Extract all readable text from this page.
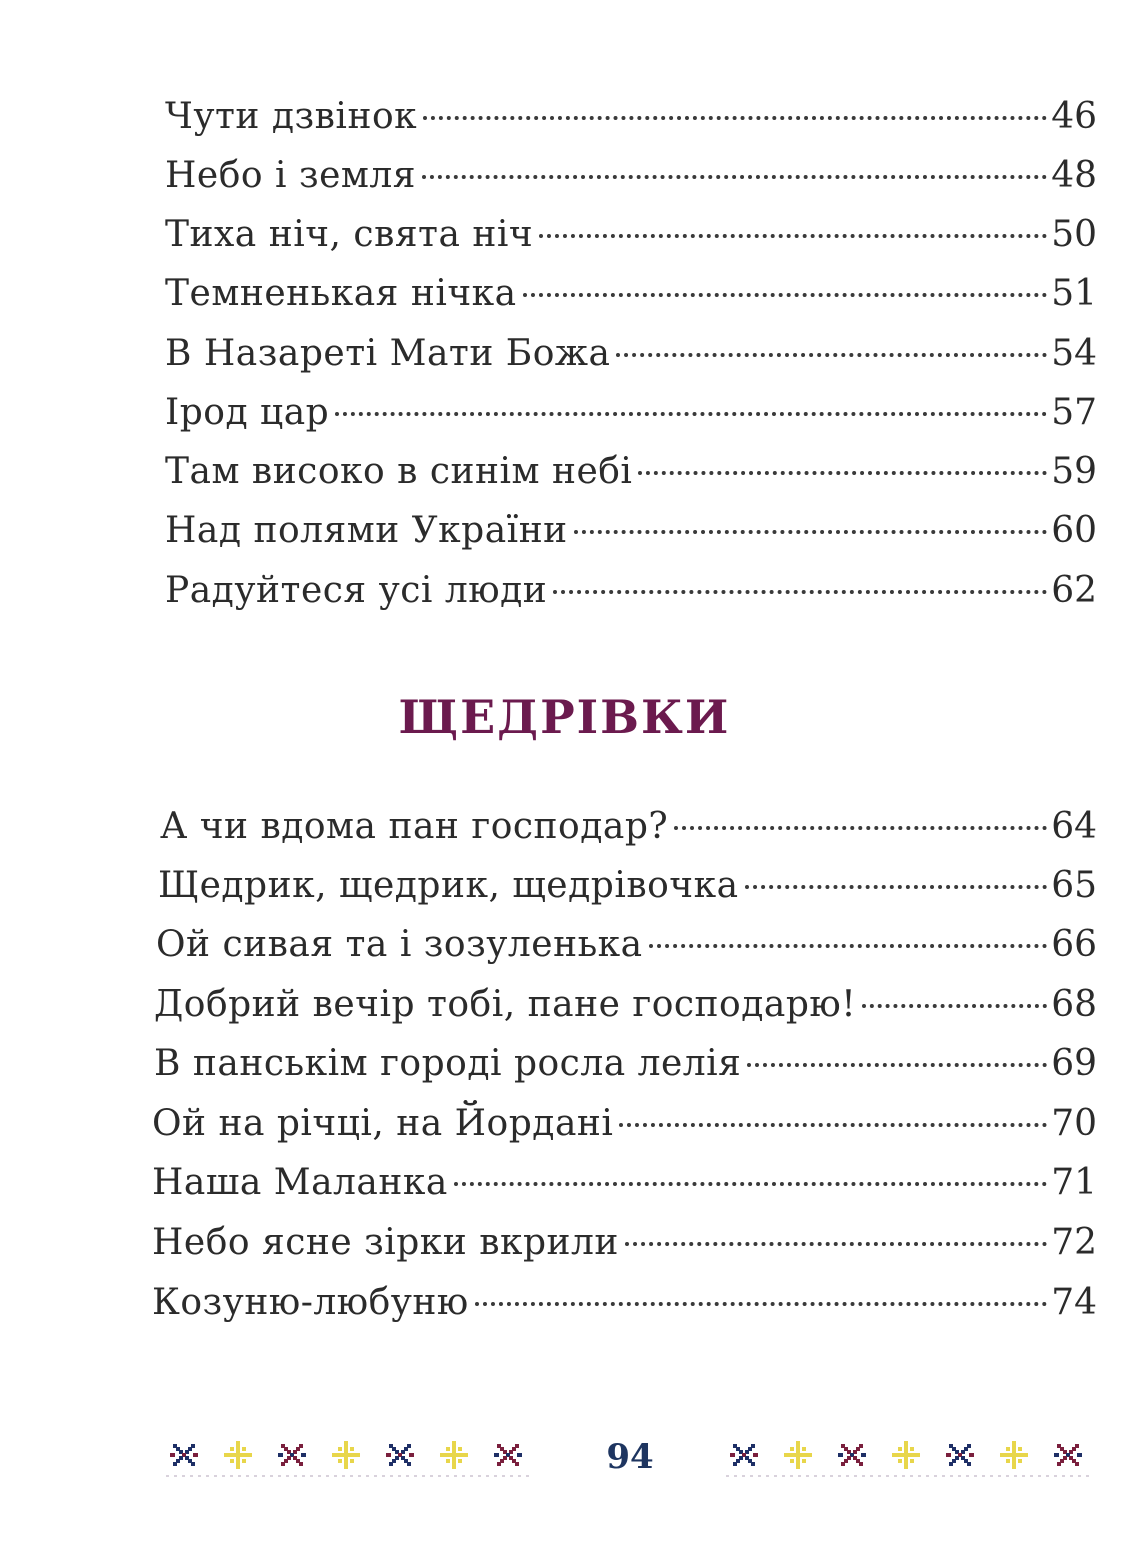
Чути дзвінок	46
Небо і земля	48
Тиха ніч, свята ніч	50
Темненькая нічка	51
В Назареті Мати Божа	54
Ірод цар	57
Там високо в синім небі	59
Над полями України	60
Радуйтеся усі люди	62
ЩЕДРІВКИ
А чи вдома пан господар?	64
Щедрик, щедрик, щедрівочка	65
Ой сивая та і зозуленька	66
Добрий вечір тобі, пане господарю!	68
В панськім городі росла лелія	69
Ой на річці, на Йордані	70
Наша Маланка	71
Небо ясне зірки вкрили	72
Козуню-любуню	74
94
